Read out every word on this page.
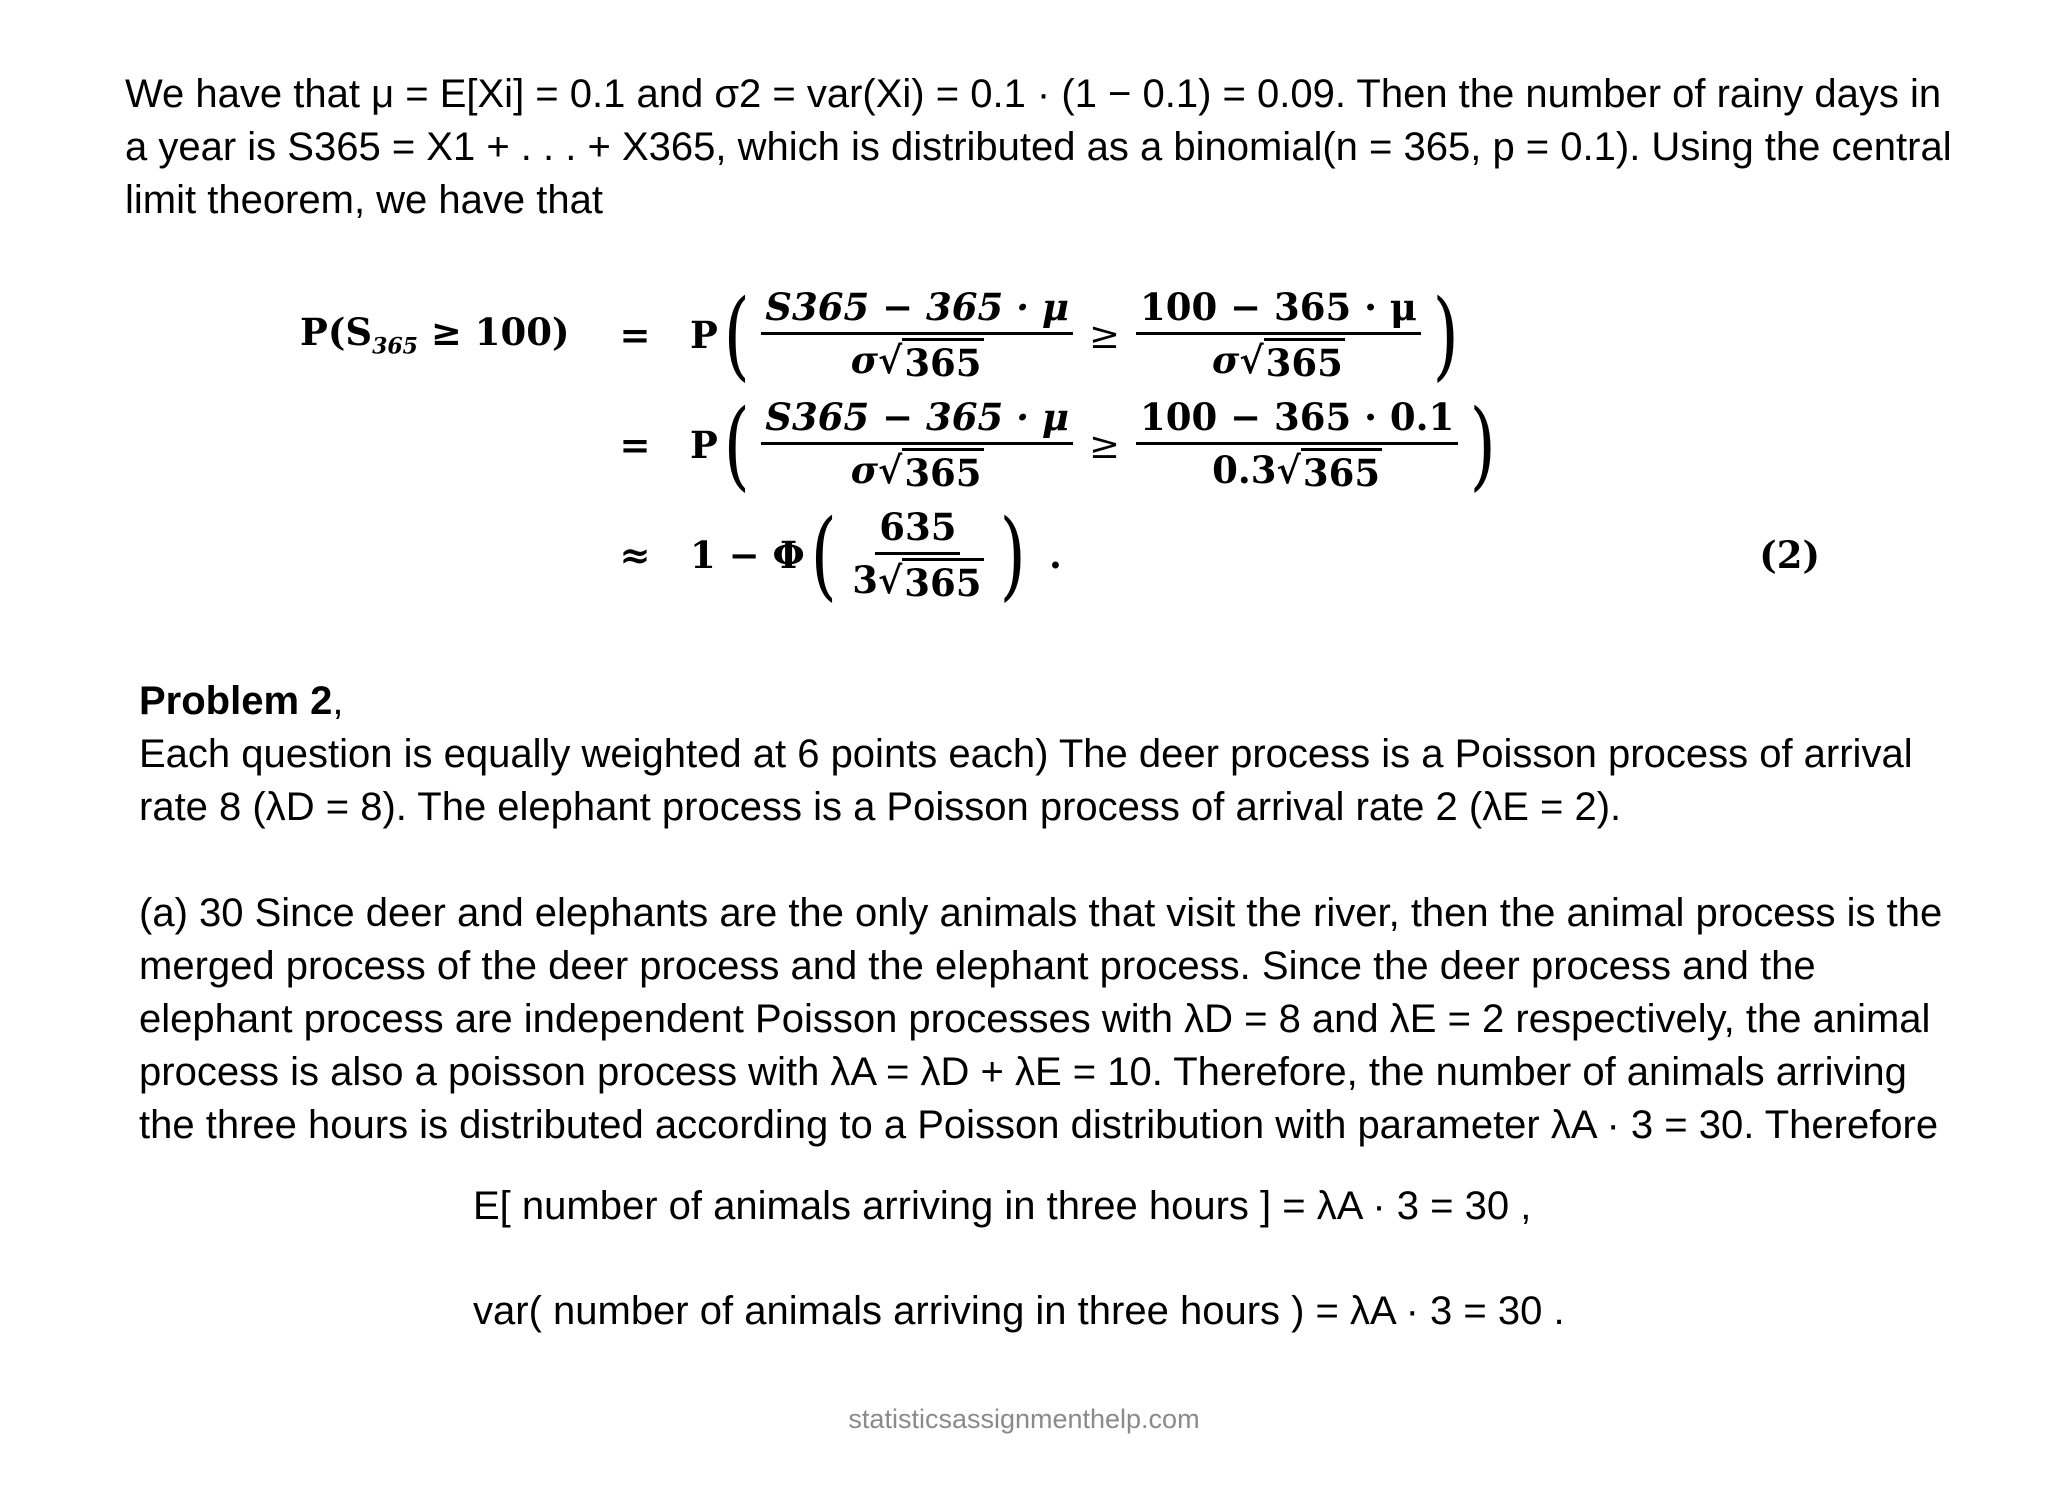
We have that μ = E[Xi] = 0.1 and σ2 = var(Xi) = 0.1 · (1 − 0.1) = 0.09. Then the number of rainy days in a year is S365 = X1 + . . . + X365, which is distributed as a binomial(n = 365, p = 0.1). Using the central limit theorem, we have that

$P(S_{365} \ge 100) = P$ ( $\frac{S365 - 365 \cdot \mu}{\sigma√ 365} \ge \frac{100 - 365 \cdot \mu}{\sigma√ 365}$ )
= P ( $\frac{S365 - 365 \cdot \mu}{\sigma√ 365} \ge \frac{100 - 365 \cdot 0.1}{0.3√ 365}$ )
≈ 1 − Φ ( $\frac{635}{3√ 365}$ ) .	(2)
Problem 2,
Each question is equally weighted at 6 points each) The deer process is a Poisson process of arrival rate 8 (λD = 8). The elephant process is a Poisson process of arrival rate 2 (λE = 2).
(a) 30 Since deer and elephants are the only animals that visit the river, then the animal process is the merged process of the deer process and the elephant process. Since the deer process and the elephant process are independent Poisson processes with λD = 8 and λE = 2 respectively, the animal process is also a poisson process with λA = λD + λE = 10. Therefore, the number of animals arriving the three hours is distributed according to a Poisson distribution with parameter λA · 3 = 30. Therefore
E[ number of animals arriving in three hours ] = λA · 3 = 30 ,
var( number of animals arriving in three hours ) = λA · 3 = 30 .
statisticsassignmenthelp.com
